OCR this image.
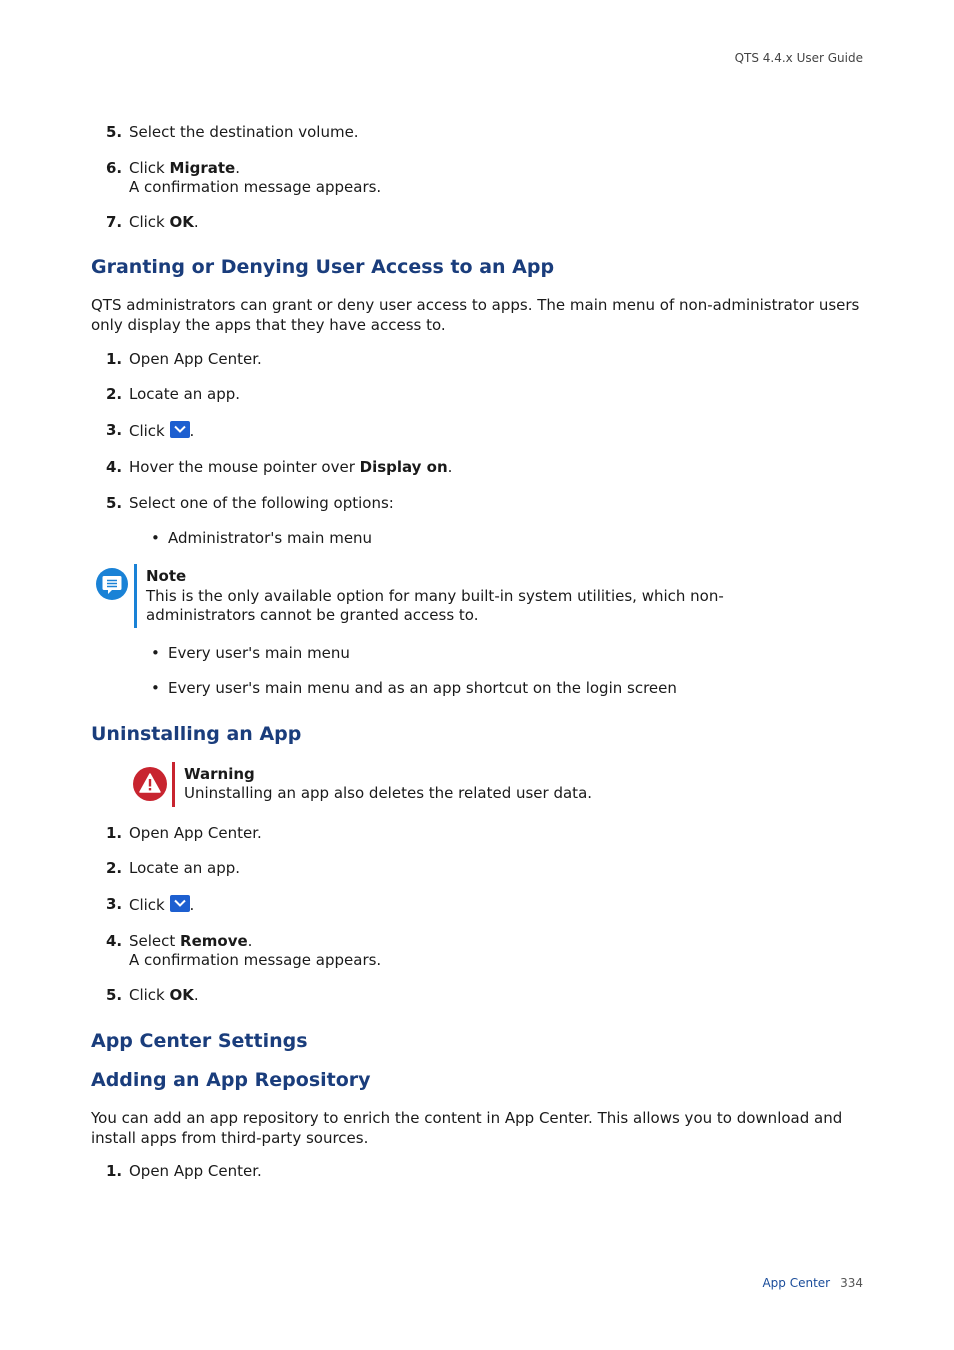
QTS 4.4.x User Guide
5. Select the destination volume.
6. Click Migrate.
A confirmation message appears.
7. Click OK.
Granting or Denying User Access to an App
QTS administrators can grant or deny user access to apps. The main menu of non-administrator users only display the apps that they have access to.
1. Open App Center.
2. Locate an app.
3. Click
.
4. Hover the mouse pointer over Display on.
5. Select one of the following options:
• Administrator's main menu
Note
This is the only available option for many built-in system utilities, which non-administrators cannot be granted access to.
• Every user's main menu
• Every user's main menu and as an app shortcut on the login screen
Uninstalling an App
Warning
Uninstalling an app also deletes the related user data.
1. Open App Center.
2. Locate an app.
3. Click
.
4. Select Remove.
A confirmation message appears.
5. Click OK.
App Center Settings
Adding an App Repository
You can add an app repository to enrich the content in App Center. This allows you to download and install apps from third-party sources.
1. Open App Center.
App Center 334
